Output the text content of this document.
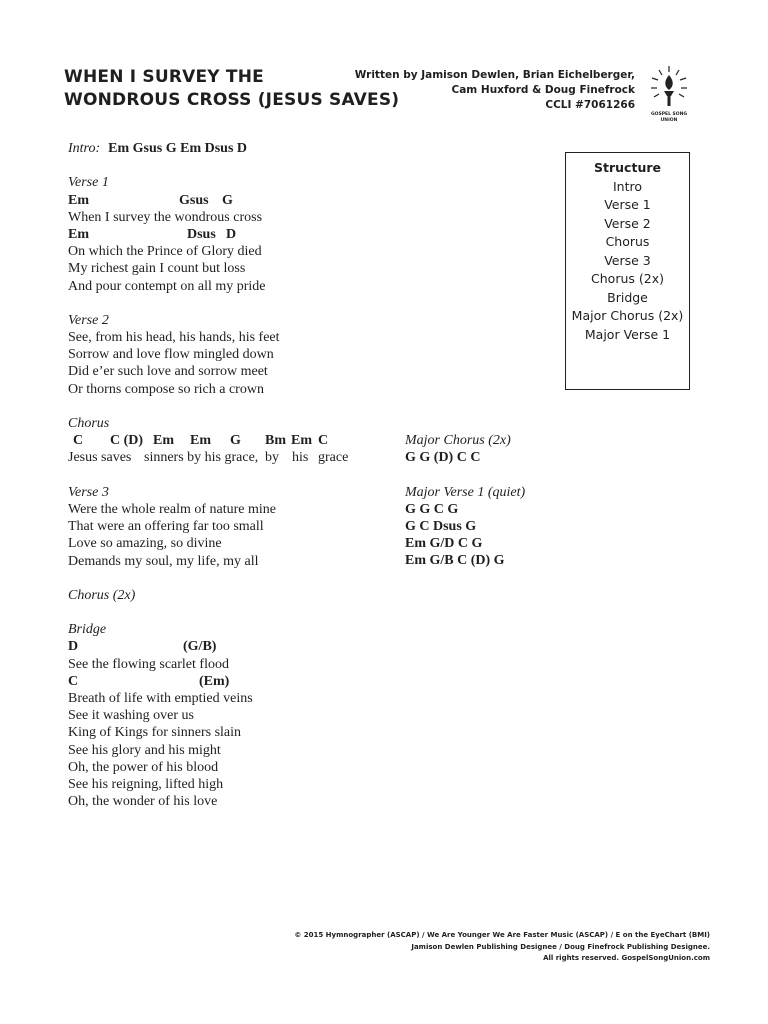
WHEN I SURVEY THE
WONDROUS CROSS (JESUS SAVES)
Written by Jamison Dewlen, Brian Eichelberger,
Cam Huxford & Doug Finefrock
CCLI #7061266
GOSPEL SONG
UNION
Intro: Em Gsus G Em Dsus D
Verse 1
Em	Gsus G
When I survey the wondrous cross
Em	Dsus D
On which the Prince of Glory died
My richest gain I count but loss
And pour contempt on all my pride
Verse 2
See, from his head, his hands, his feet
Sorrow and love flow mingled down
Did e’er such love and sorrow meet
Or thorns compose so rich a crown
Chorus
C C (D) Em Em G Bm Em C
Jesus saves sinners by his grace, by his grace
Verse 3
Were the whole realm of nature mine
That were an offering far too small
Love so amazing, so divine
Demands my soul, my life, my all
Chorus (2x)
Bridge
D	(G/B)
See the flowing scarlet flood
C	(Em)
Breath of life with emptied veins
See it washing over us
King of Kings for sinners slain
See his glory and his might
Oh, the power of his blood
See his reigning, lifted high
Oh, the wonder of his love
Major Chorus (2x)
G G (D) C C
Major Verse 1 (quiet)
G G C G
G C Dsus G
Em G/D C G
Em G/B C (D) G
Structure
Intro
Verse 1
Verse 2
Chorus
Verse 3
Chorus (2x)
Bridge
Major Chorus (2x)
Major Verse 1
© 2015 Hymnographer (ASCAP) / We Are Younger We Are Faster Music (ASCAP) / E on the EyeChart (BMI)
Jamison Dewlen Publishing Designee / Doug Finefrock Publishing Designee.
All rights reserved. GospelSongUnion.com
